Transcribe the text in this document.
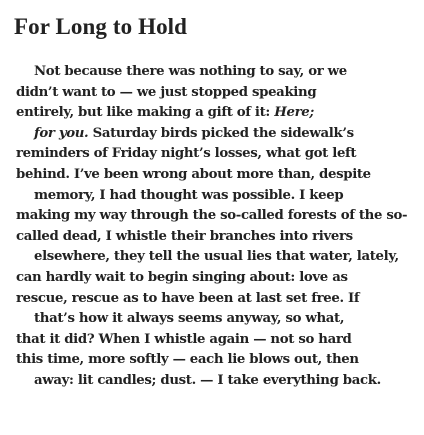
For Long to Hold
Not because there was nothing to say, or we
didn’t want to — we just stopped speaking
entirely, but like making a gift of it: Here;
for you. Saturday birds picked the sidewalk’s
reminders of Friday night’s losses, what got left
behind. I’ve been wrong about more than, despite
memory, I had thought was possible. I keep
making my way through the so-called forests of the so-
called dead, I whistle their branches into rivers
elsewhere, they tell the usual lies that water, lately,
can hardly wait to begin singing about: love as
rescue, rescue as to have been at last set free. If
that’s how it always seems anyway, so what,
that it did? When I whistle again — not so hard
this time, more softly — each lie blows out, then
away: lit candles; dust. — I take everything back.
